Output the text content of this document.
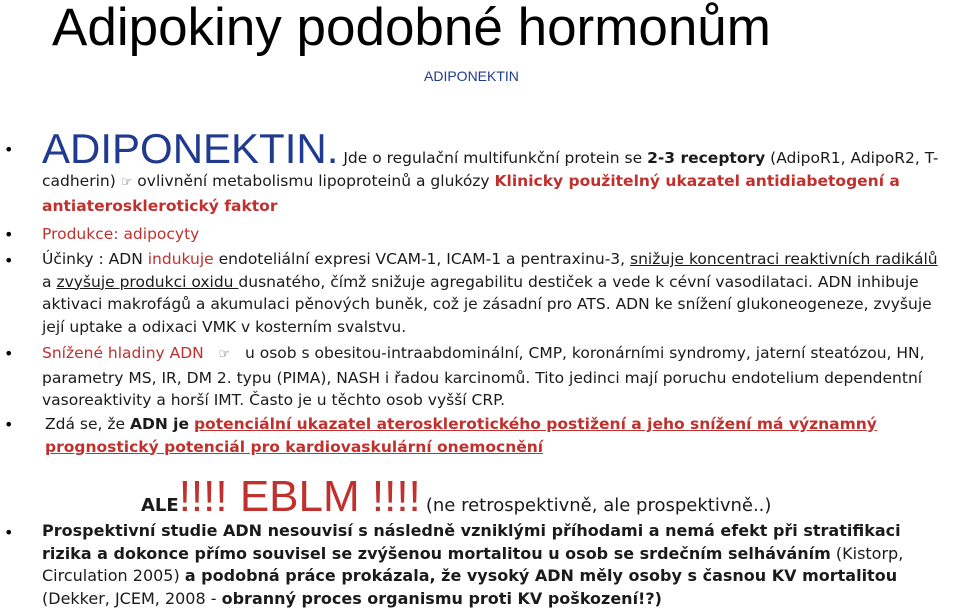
Adipokiny podobné hormonům
ADIPONEKTIN
• ADIPONEKTIN. Jde o regulační multifunkční protein se 2-3 receptory (AdipoR1, AdipoR2, T-cadherin) ☞ ovlivnění metabolismu lipoproteinů a glukózy Klinicky použitelný ukazatel antidiabetogení a antiaterosklerotický faktor
• Produkce: adipocyty
• Účinky : ADN indukuje endoteliální expresi VCAM-1, ICAM-1 a pentraxinu-3, snižuje koncentraci reaktivních radikálů a zvyšuje produkci oxidu dusnatého, čímž snižuje agregabilitu destiček a vede k cévní vasodilataci. ADN inhibuje aktivaci makrofágů a akumulaci pěnových buněk, což je zásadní pro ATS. ADN ke snížení glukoneogeneze, zvyšuje její uptake a odixaci VMK v kosterním svalstvu.
• Snížené hladiny ADN ☞ u osob s obesitou-intraabdominální, CMP, koronárními syndromy, jaterní steatózou, HN, parametry MS, IR, DM 2. typu (PIMA), NASH i řadou karcinomů. Tito jedinci mají poruchu endotelium dependentní vasoreaktivity a horší IMT. Často je u těchto osob vyšší CRP.
• Zdá se, že ADN je potenciální ukazatel aterosklerotického postižení a jeho snížení má významný prognostický potenciál pro kardiovaskulární onemocnění
ALE!!!! EBLM !!!! (ne retrospektivně, ale prospektivně..)
• Prospektivní studie ADN nesouvisí s následně vzniklými příhodami a nemá efekt při stratifikaci rizika a dokonce přímo souvisel se zvýšenou mortalitou u osob se srdečním selháváním (Kistorp, Circulation 2005) a podobná práce prokázala, že vysoký ADN měly osoby s časnou KV mortalitou (Dekker, JCEM, 2008 - obranný proces organismu proti KV poškození!?)
